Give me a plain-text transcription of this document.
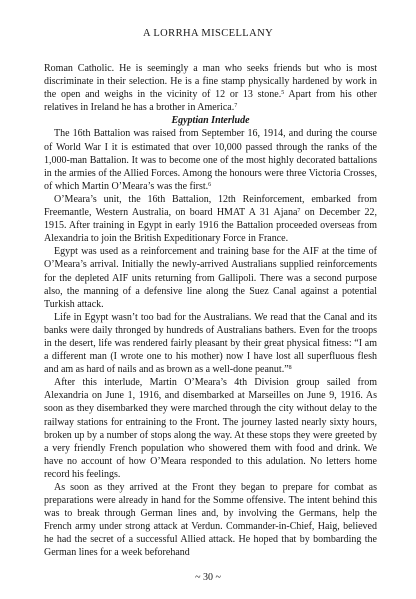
A LORRHA MISCELLANY

Roman Catholic. He is seemingly a man who seeks friends but who is most discriminate in their selection. He is a fine stamp physically hardened by work in the open and weighs in the vicinity of 12 or 13 stone.$^5$ Apart from his other relatives in Ireland he has a brother in America.$^7$

Egyptian Interlude

The 16th Battalion was raised from September 16, 1914, and during the course of World War I it is estimated that over 10,000 passed through the ranks of the 1,000-man Battalion. It was to become one of the most highly decorated battalions in the armies of the Allied Forces. Among the honours were three Victoria Crosses, of which Martin O’Meara’s was the first.$^6$

O’Meara’s unit, the 16th Battalion, 12th Reinforcement, embarked from Freemantle, Western Australia, on board HMAT A 31 Ajana$^7$ on December 22, 1915. After training in Egypt in early 1916 the Battalion proceeded overseas from Alexandria to join the British Expeditionary Force in France.

Egypt was used as a reinforcement and training base for the AIF at the time of O’Meara’s arrival. Initially the newly-arrived Australians supplied reinforcements for the depleted AIF units returning from Gallipoli. There was a second purpose also, the manning of a defensive line along the Suez Canal against a potential Turkish attack.

Life in Egypt wasn’t too bad for the Australians. We read that the Canal and its banks were daily thronged by hundreds of Australians bathers. Even for the troops in the desert, life was rendered fairly pleasant by their great physical fitness: “I am a different man (I wrote one to his mother) now I have lost all superfluous flesh and am as hard of nails and as brown as a well-done peanut.”$^8$

After this interlude, Martin O’Meara’s 4th Division group sailed from Alexandria on June 1, 1916, and disembarked at Marseilles on June 9, 1916. As soon as they disembarked they were marched through the city without delay to the railway stations for entraining to the Front. The journey lasted nearly sixty hours, broken up by a number of stops along the way. At these stops they were greeted by a very friendly French population who showered them with food and drink. We have no account of how O’Meara responded to this adulation. No letters home record his feelings.

As soon as they arrived at the Front they began to prepare for combat as preparations were already in hand for the Somme offensive. The intent behind this was to break through German lines and, by involving the Germans, help the French army under strong attack at Verdun. Commander-in-Chief, Haig, believed he had the secret of a successful Allied attack. He hoped that by bombarding the German lines for a week beforehand

~ 30 ~
